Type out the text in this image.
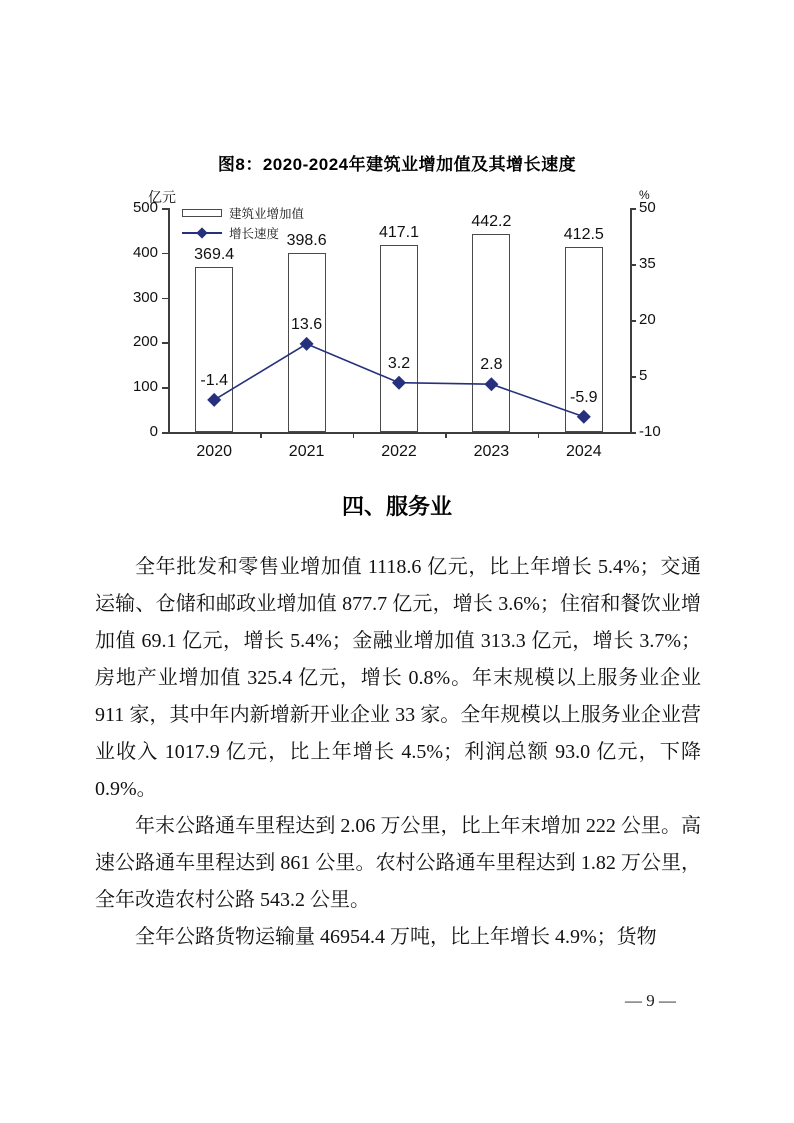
图8：2020-2024年建筑业增加值及其增长速度
亿元	%
建筑业增加值
增长速度
0
100
200
300
400
500
-10
5
20
35
50
2020	2021	2022	2023	2024
369.4
398.6	417.1
442.2
412.5
-1.4
13.6
3.2	2.8
-5.9
四、服务业

全年批发和零售业增加值 1118.6 亿元，比上年增长 5.4%；交通运输、仓储和邮政业增加值 877.7 亿元，增长 3.6%；住宿和餐饮业增加值 69.1 亿元，增长 5.4%；金融业增加值 313.3 亿元，增长 3.7%；房地产业增加值 325.4 亿元，增长 0.8%。年末规模以上服务业企业 911 家，其中年内新增新开业企业 33 家。全年规模以上服务业企业营业收入 1017.9 亿元，比上年增长 4.5%；利润总额 93.0 亿元，下降 0.9%。

年末公路通车里程达到 2.06 万公里，比上年末增加 222 公里。高速公路通车里程达到 861 公里。农村公路通车里程达到 1.82 万公里，全年改造农村公路 543.2 公里。

全年公路货物运输量 46954.4 万吨，比上年增长 4.9%；货物

— 9 —
